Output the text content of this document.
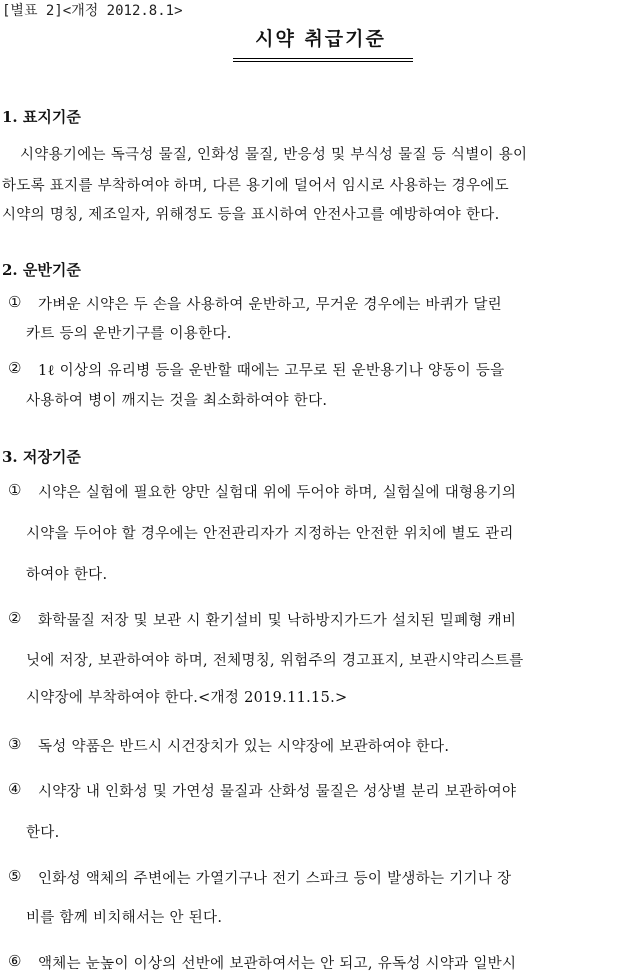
[별표 2]<개정 2012.8.1>
시약 취급기준
1. 표지기준
시약용기에는 독극성 물질, 인화성 물질, 반응성 및 부식성 물질 등 식별이 용이
하도록 표지를 부착하여야 하며, 다른 용기에 덜어서 임시로 사용하는 경우에도
시약의 명칭, 제조일자, 위해정도 등을 표시하여 안전사고를 예방하여야 한다.
2. 운반기준
① 가벼운 시약은 두 손을 사용하여 운반하고, 무거운 경우에는 바퀴가 달린
카트 등의 운반기구를 이용한다.
② 1ℓ 이상의 유리병 등을 운반할 때에는 고무로 된 운반용기나 양동이 등을
사용하여 병이 깨지는 것을 최소화하여야 한다.
3. 저장기준
① 시약은 실험에 필요한 양만 실험대 위에 두어야 하며, 실험실에 대형용기의
시약을 두어야 할 경우에는 안전관리자가 지정하는 안전한 위치에 별도 관리
하여야 한다.
② 화학물질 저장 및 보관 시 환기설비 및 낙하방지가드가 설치된 밀폐형 캐비
닛에 저장, 보관하여야 하며, 전체명칭, 위험주의 경고표지, 보관시약리스트를
시약장에 부착하여야 한다.<개정 2019.11.15.>
③ 독성 약품은 반드시 시건장치가 있는 시약장에 보관하여야 한다.
④ 시약장 내 인화성 및 가연성 물질과 산화성 물질은 성상별 분리 보관하여야
한다.
⑤ 인화성 액체의 주변에는 가열기구나 전기 스파크 등이 발생하는 기기나 장
비를 함께 비치해서는 안 된다.
⑥ 액체는 눈높이 이상의 선반에 보관하여서는 안 되고, 유독성 시약과 일반시
